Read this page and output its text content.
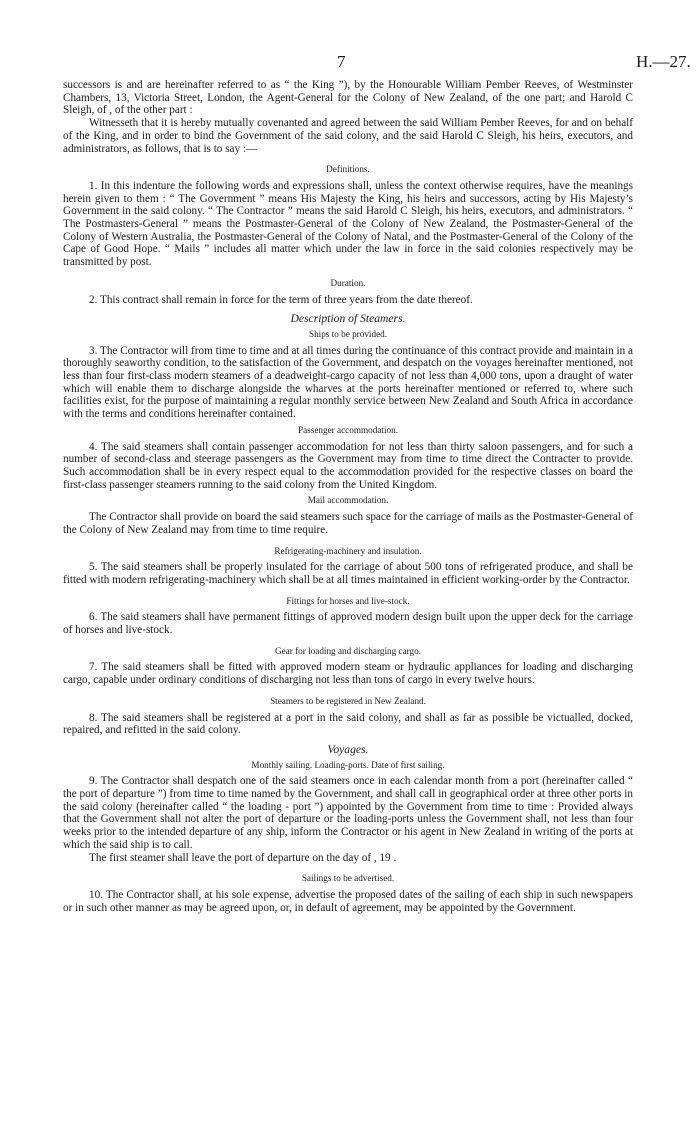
7	H.—27.

successors is and are hereinafter referred to as “ the King ”), by the Honourable William Pember Reeves, of Westminster Chambers, 13, Victoria Street, London, the Agent-General for the Colony of New Zealand, of the one part; and Harold C Sleigh, of , of the other part :

Witnesseth that it is hereby mutually covenanted and agreed between the said William Pember Reeves, for and on behalf of the King, and in order to bind the Government of the said colony, and the said Harold C Sleigh, his heirs, executors, and administrators, as follows, that is to say :—

Definitions.

1. In this indenture the following words and expressions shall, unless the context otherwise requires, have the meanings herein given to them : “ The Government ” means His Majesty the King, his heirs and successors, acting by His Majesty’s Government in the said colony. “ The Contractor ” means the said Harold C Sleigh, his heirs, executors, and administrators. “ The Postmasters-General ” means the Postmaster-General of the Colony of New Zealand, the Postmaster-General of the Colony of Western Australia, the Postmaster-General of the Colony of Natal, and the Postmaster-General of the Colony of the Cape of Good Hope. “ Mails ” includes all matter which under the law in force in the said colonies respectively may be transmitted by post.

Duration.

2. This contract shall remain in force for the term of three years from the date thereof.

Description of Steamers.
Ships to be provided.

3. The Contractor will from time to time and at all times during the continuance of this contract provide and maintain in a thoroughly seaworthy condition, to the satisfaction of the Government, and despatch on the voyages hereinafter mentioned, not less than four first-class modern steamers of a deadweight-cargo capacity of not less than 4,000 tons, upon a draught of water which will enable them to discharge alongside the wharves at the ports hereinafter mentioned or referred to, where such facilities exist, for the purpose of maintaining a regular monthly service between New Zealand and South Africa in accordance with the terms and conditions hereinafter contained.

Passenger accommodation.

4. The said steamers shall contain passenger accommodation for not less than thirty saloon passengers, and for such a number of second-class and steerage passengers as the Government may from time to time direct the Contracter to provide. Such accommodation shall be in every respect equal to the accommodation provided for the respective classes on board the first-class passenger steamers running to the said colony from the United Kingdom.

Mail accommodation.

The Contractor shall provide on board the said steamers such space for the carriage of mails as the Postmaster-General of the Colony of New Zealand may from time to time require.

Refrigerating-machinery and insulation.

5. The said steamers shall be properly insulated for the carriage of about 500 tons of refrigerated produce, and shall be fitted with modern refrigerating-machinery which shall be at all times maintained in efficient working-order by the Contractor.

Fittings for horses and live-stock.

6. The said steamers shall have permanent fittings of approved modern design built upon the upper deck for the carriage of horses and live-stock.

Gear for loading and discharging cargo.

7. The said steamers shall be fitted with approved modern steam or hydraulic appliances for loading and discharging cargo, capable under ordinary conditions of discharging not less than tons of cargo in every twelve hours.

Steamers to be registered in New Zealand.

8. The said steamers shall be registered at a port in the said colony, and shall as far as possible be victualled, docked, repaired, and refitted in the said colony.

Voyages.
Monthly sailing. Loading-ports. Date of first sailing.

9. The Contractor shall despatch one of the said steamers once in each calendar month from a port (hereinafter called “ the port of departure ”) from time to time named by the Government, and shall call in geographical order at three other ports in the said colony (hereinafter called “ the loading - port ”) appointed by the Government from time to time : Provided always that the Government shall not alter the port of departure or the loading-ports unless the Government shall, not less than four weeks prior to the intended departure of any ship, inform the Contractor or his agent in New Zealand in writing of the ports at which the said ship is to call.

The first steamer shall leave the port of departure on the day of , 19 .

Sailings to be advertised.

10. The Contractor shall, at his sole expense, advertise the proposed dates of the sailing of each ship in such newspapers or in such other manner as may be agreed upon, or, in default of agreement, may be appointed by the Government.
